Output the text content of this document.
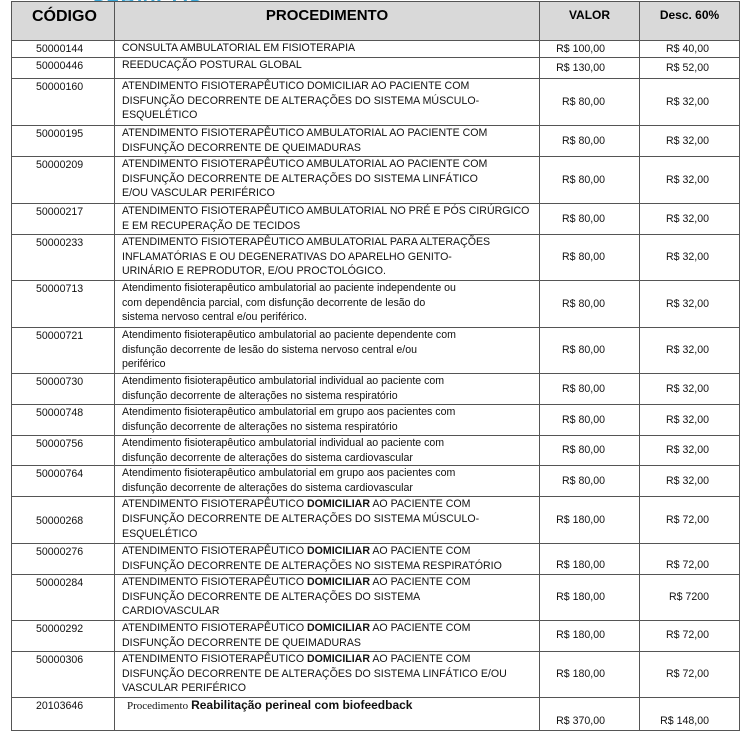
CÓDIGO	PROCEDIMENTO	VALOR	Desc. 60%
50000144	CONSULTA AMBULATORIAL EM FISIOTERAPIA	R$ 100,00	R$ 40,00
50000446	REEDUCAÇÃO POSTURAL GLOBAL	R$ 130,00	R$ 52,00
50000160	ATENDIMENTO FISIOTERAPÊUTICO DOMICILIAR AO PACIENTE COM
DISFUNÇÃO DECORRENTE DE ALTERAÇÕES DO SISTEMA MÚSCULO-
ESQUELÉTICO	R$ 80,00	R$ 32,00
50000195	ATENDIMENTO FISIOTERAPÊUTICO AMBULATORIAL AO PACIENTE COM
DISFUNÇÃO DECORRENTE DE QUEIMADURAS	R$ 80,00	R$ 32,00
50000209	ATENDIMENTO FISIOTERAPÊUTICO AMBULATORIAL AO PACIENTE COM
DISFUNÇÃO DECORRENTE DE ALTERAÇÕES DO SISTEMA LINFÁTICO
E/OU VASCULAR PERIFÉRICO	R$ 80,00	R$ 32,00
50000217	ATENDIMENTO FISIOTERAPÊUTICO AMBULATORIAL NO PRÉ E PÓS CIRÚRGICO
E EM RECUPERAÇÃO DE TECIDOS	R$ 80,00	R$ 32,00
50000233	ATENDIMENTO FISIOTERAPÊUTICO AMBULATORIAL PARA ALTERAÇÕES
INFLAMATÓRIAS E OU DEGENERATIVAS DO APARELHO GENITO-
URINÁRIO E REPRODUTOR, E/OU PROCTOLÓGICO.	R$ 80,00	R$ 32,00
50000713	Atendimento fisioterapêutico ambulatorial ao paciente independente ou
com dependência parcial, com disfunção decorrente de lesão do
sistema nervoso central e/ou periférico.	R$ 80,00	R$ 32,00
50000721	Atendimento fisioterapêutico ambulatorial ao paciente dependente com
disfunção decorrente de lesão do sistema nervoso central e/ou
periférico	R$ 80,00	R$ 32,00
50000730	Atendimento fisioterapêutico ambulatorial individual ao paciente com
disfunção decorrente de alterações no sistema respiratório	R$ 80,00	R$ 32,00
50000748	Atendimento fisioterapêutico ambulatorial em grupo aos pacientes com
disfunção decorrente de alterações no sistema respiratório	R$ 80,00	R$ 32,00
50000756	Atendimento fisioterapêutico ambulatorial individual ao paciente com
disfunção decorrente de alterações do sistema cardiovascular	R$ 80,00	R$ 32,00
50000764	Atendimento fisioterapêutico ambulatorial em grupo aos pacientes com
disfunção decorrente de alterações do sistema cardiovascular	R$ 80,00	R$ 32,00
50000268	ATENDIMENTO FISIOTERAPÊUTICO DOMICILIAR AO PACIENTE COM
DISFUNÇÃO DECORRENTE DE ALTERAÇÕES DO SISTEMA MÚSCULO-
ESQUELÉTICO	R$ 180,00	R$ 72,00
50000276	ATENDIMENTO FISIOTERAPÊUTICO DOMICILIAR AO PACIENTE COM
DISFUNÇÃO DECORRENTE DE ALTERAÇÕES NO SISTEMA RESPIRATÓRIO	R$ 180,00	R$ 72,00
50000284	ATENDIMENTO FISIOTERAPÊUTICO DOMICILIAR AO PACIENTE COM
DISFUNÇÃO DECORRENTE DE ALTERAÇÕES DO SISTEMA
CARDIOVASCULAR	R$ 180,00	R$ 7200
50000292	ATENDIMENTO FISIOTERAPÊUTICO DOMICILIAR AO PACIENTE COM
DISFUNÇÃO DECORRENTE DE QUEIMADURAS	R$ 180,00	R$ 72,00
50000306	ATENDIMENTO FISIOTERAPÊUTICO DOMICILIAR AO PACIENTE COM
DISFUNÇÃO DECORRENTE DE ALTERAÇÕES DO SISTEMA LINFÁTICO E/OU
VASCULAR PERIFÉRICO	R$ 180,00	R$ 72,00
20103646	Procedimento Reabilitação perineal com biofeedback	R$ 370,00	R$ 148,00
